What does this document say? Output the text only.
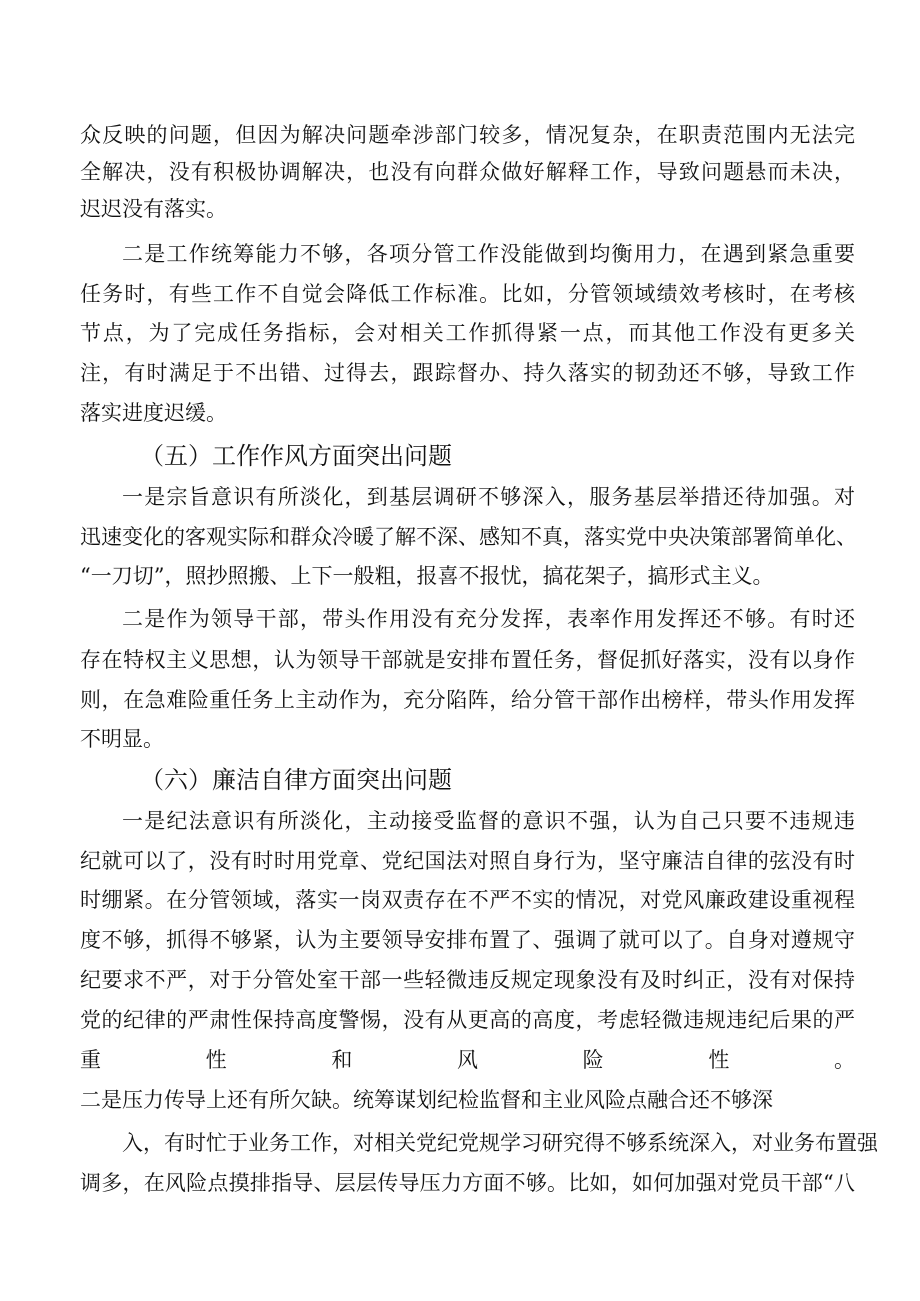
众反映的问题，但因为解决问题牵涉部门较多，情况复杂，在职责范围内无法完
全解决，没有积极协调解决，也没有向群众做好解释工作，导致问题悬而未决，
迟迟没有落实。
二是工作统筹能力不够，各项分管工作没能做到均衡用力，在遇到紧急重要
任务时，有些工作不自觉会降低工作标准。比如，分管领域绩效考核时，在考核
节点，为了完成任务指标，会对相关工作抓得紧一点，而其他工作没有更多关
注，有时满足于不出错、过得去，跟踪督办、持久落实的韧劲还不够，导致工作
落实进度迟缓。
（五）工作作风方面突出问题
一是宗旨意识有所淡化，到基层调研不够深入，服务基层举措还待加强。对
迅速变化的客观实际和群众冷暖了解不深、感知不真，落实党中央决策部署简单化、
“一刀切”，照抄照搬、上下一般粗，报喜不报忧，搞花架子，搞形式主义。
二是作为领导干部，带头作用没有充分发挥，表率作用发挥还不够。有时还
存在特权主义思想，认为领导干部就是安排布置任务，督促抓好落实，没有以身作
则，在急难险重任务上主动作为，充分陷阵，给分管干部作出榜样，带头作用发挥
不明显。
（六）廉洁自律方面突出问题
一是纪法意识有所淡化，主动接受监督的意识不强，认为自己只要不违规违
纪就可以了，没有时时用党章、党纪国法对照自身行为，坚守廉洁自律的弦没有时
时绷紧。在分管领域，落实一岗双责存在不严不实的情况，对党风廉政建设重视程
度不够，抓得不够紧，认为主要领导安排布置了、强调了就可以了。自身对遵规守
纪要求不严，对于分管处室干部一些轻微违反规定现象没有及时纠正，没有对保持
党的纪律的严肃性保持高度警惕，没有从更高的高度，考虑轻微违规违纪后果的严
重性和风险性。
二是压力传导上还有所欠缺。统筹谋划纪检监督和主业风险点融合还不够深
入，有时忙于业务工作，对相关党纪党规学习研究得不够系统深入，对业务布置强
调多，在风险点摸排指导、层层传导压力方面不够。比如，如何加强对党员干部“八
